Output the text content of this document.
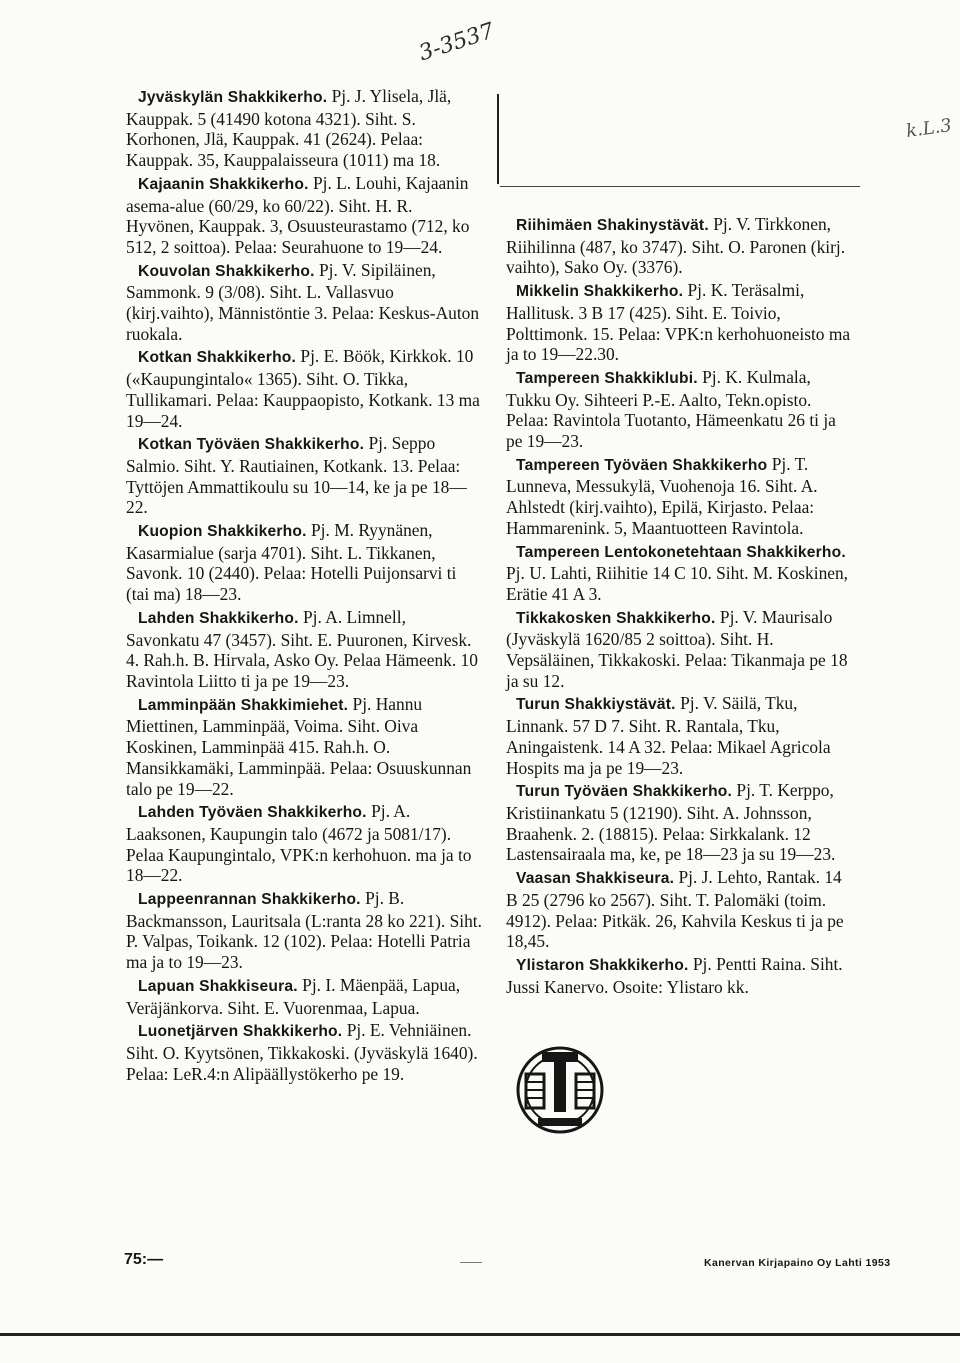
3-3537
k.L.3

Jyväskylän Shakkikerho. Pj. J. Ylisela, Jlä, Kauppak. 5 (41490 kotona 4321). Siht. S. Korhonen, Jlä, Kauppak. 41 (2624). Pelaa: Kauppak. 35, Kauppalaisseura (1011) ma 18.

Kajaanin Shakkikerho. Pj. L. Louhi, Kajaanin asema-alue (60/29, ko 60/22). Siht. H. R. Hyvönen, Kauppak. 3, Osuusteurastamo (712, ko 512, 2 soittoa). Pelaa: Seurahuone to 19—24.

Kouvolan Shakkikerho. Pj. V. Sipiläinen, Sammonk. 9 (3/08). Siht. L. Vallasvuo (kirj.vaihto), Männistöntie 3. Pelaa: Keskus-Auton ruokala.

Kotkan Shakkikerho. Pj. E. Böök, Kirkkok. 10 («Kaupungintalo« 1365). Siht. O. Tikka, Tullikamari. Pelaa: Kauppaopisto, Kotkank. 13 ma 19—24.

Kotkan Työväen Shakkikerho. Pj. Seppo Salmio. Siht. Y. Rautiainen, Kotkank. 13. Pelaa: Tyttöjen Ammattikoulu su 10—14, ke ja pe 18—22.

Kuopion Shakkikerho. Pj. M. Ryynänen, Kasarmialue (sarja 4701). Siht. L. Tikkanen, Savonk. 10 (2440). Pelaa: Hotelli Puijonsarvi ti (tai ma) 18—23.

Lahden Shakkikerho. Pj. A. Limnell, Savonkatu 47 (3457). Siht. E. Puuronen, Kirvesk. 4. Rah.h. B. Hirvala, Asko Oy. Pelaa Hämeenk. 10 Ravintola Liitto ti ja pe 19—23.

Lamminpään Shakkimiehet. Pj. Hannu Miettinen, Lamminpää, Voima. Siht. Oiva Koskinen, Lamminpää 415. Rah.h. O. Mansikkamäki, Lamminpää. Pelaa: Osuuskunnan talo pe 19—22.

Lahden Työväen Shakkikerho. Pj. A. Laaksonen, Kaupungin talo (4672 ja 5081/17). Pelaa Kaupungintalo, VPK:n kerhohuon. ma ja to 18—22.

Lappeenrannan Shakkikerho. Pj. B. Backmansson, Lauritsala (L:ranta 28 ko 221). Siht. P. Valpas, Toikank. 12 (102). Pelaa: Hotelli Patria ma ja to 19—23.

Lapuan Shakkiseura. Pj. I. Mäenpää, Lapua, Veräjänkorva. Siht. E. Vuorenmaa, Lapua.

Luonetjärven Shakkikerho. Pj. E. Vehniäinen. Siht. O. Kyytsönen, Tikkakoski. (Jyväskylä 1640). Pelaa: LeR.4:n Alipäällystökerho pe 19.

Riihimäen Shakinystävät. Pj. V. Tirkkonen, Riihilinna (487, ko 3747). Siht. O. Paronen (kirj. vaihto), Sako Oy. (3376).

Mikkelin Shakkikerho. Pj. K. Teräsalmi, Hallitusk. 3 B 17 (425). Siht. E. Toivio, Polttimonk. 15. Pelaa: VPK:n kerhohuoneisto ma ja to 19—22.30.

Tampereen Shakkiklubi. Pj. K. Kulmala, Tukku Oy. Sihteeri P.-E. Aalto, Tekn.opisto. Pelaa: Ravintola Tuotanto, Hämeenkatu 26 ti ja pe 19—23.

Tampereen Työväen Shakkikerho Pj. T. Lunneva, Messukylä, Vuohenoja 16. Siht. A. Ahlstedt (kirj.vaihto), Epilä, Kirjasto. Pelaa: Hammarenink. 5, Maantuotteen Ravintola.

Tampereen Lentokonetehtaan Shakkikerho. Pj. U. Lahti, Riihitie 14 C 10. Siht. M. Koskinen, Erätie 41 A 3.

Tikkakosken Shakkikerho. Pj. V. Maurisalo (Jyväskylä 1620/85 2 soittoa). Siht. H. Vepsäläinen, Tikkakoski. Pelaa: Tikanmaja pe 18 ja su 12.

Turun Shakkiystävät. Pj. V. Säilä, Tku, Linnank. 57 D 7. Siht. R. Rantala, Tku, Aningaistenk. 14 A 32. Pelaa: Mikael Agricola Hospits ma ja pe 19—23.

Turun Työväen Shakkikerho. Pj. T. Kerppo, Kristiinankatu 5 (12190). Siht. A. Johnsson, Braahenk. 2. (18815). Pelaa: Sirkkalank. 12 Lastensairaala ma, ke, pe 18—23 ja su 19—23.

Vaasan Shakkiseura. Pj. J. Lehto, Rantak. 14 B 25 (2796 ko 2567). Siht. T. Palomäki (toim. 4912). Pelaa: Pitkäk. 26, Kahvila Keskus ti ja pe 18,45.

Ylistaron Shakkikerho. Pj. Pentti Raina. Siht. Jussi Kanervo. Osoite: Ylistaro kk.

75:—	Kanervan Kirjapaino Oy Lahti 1953
